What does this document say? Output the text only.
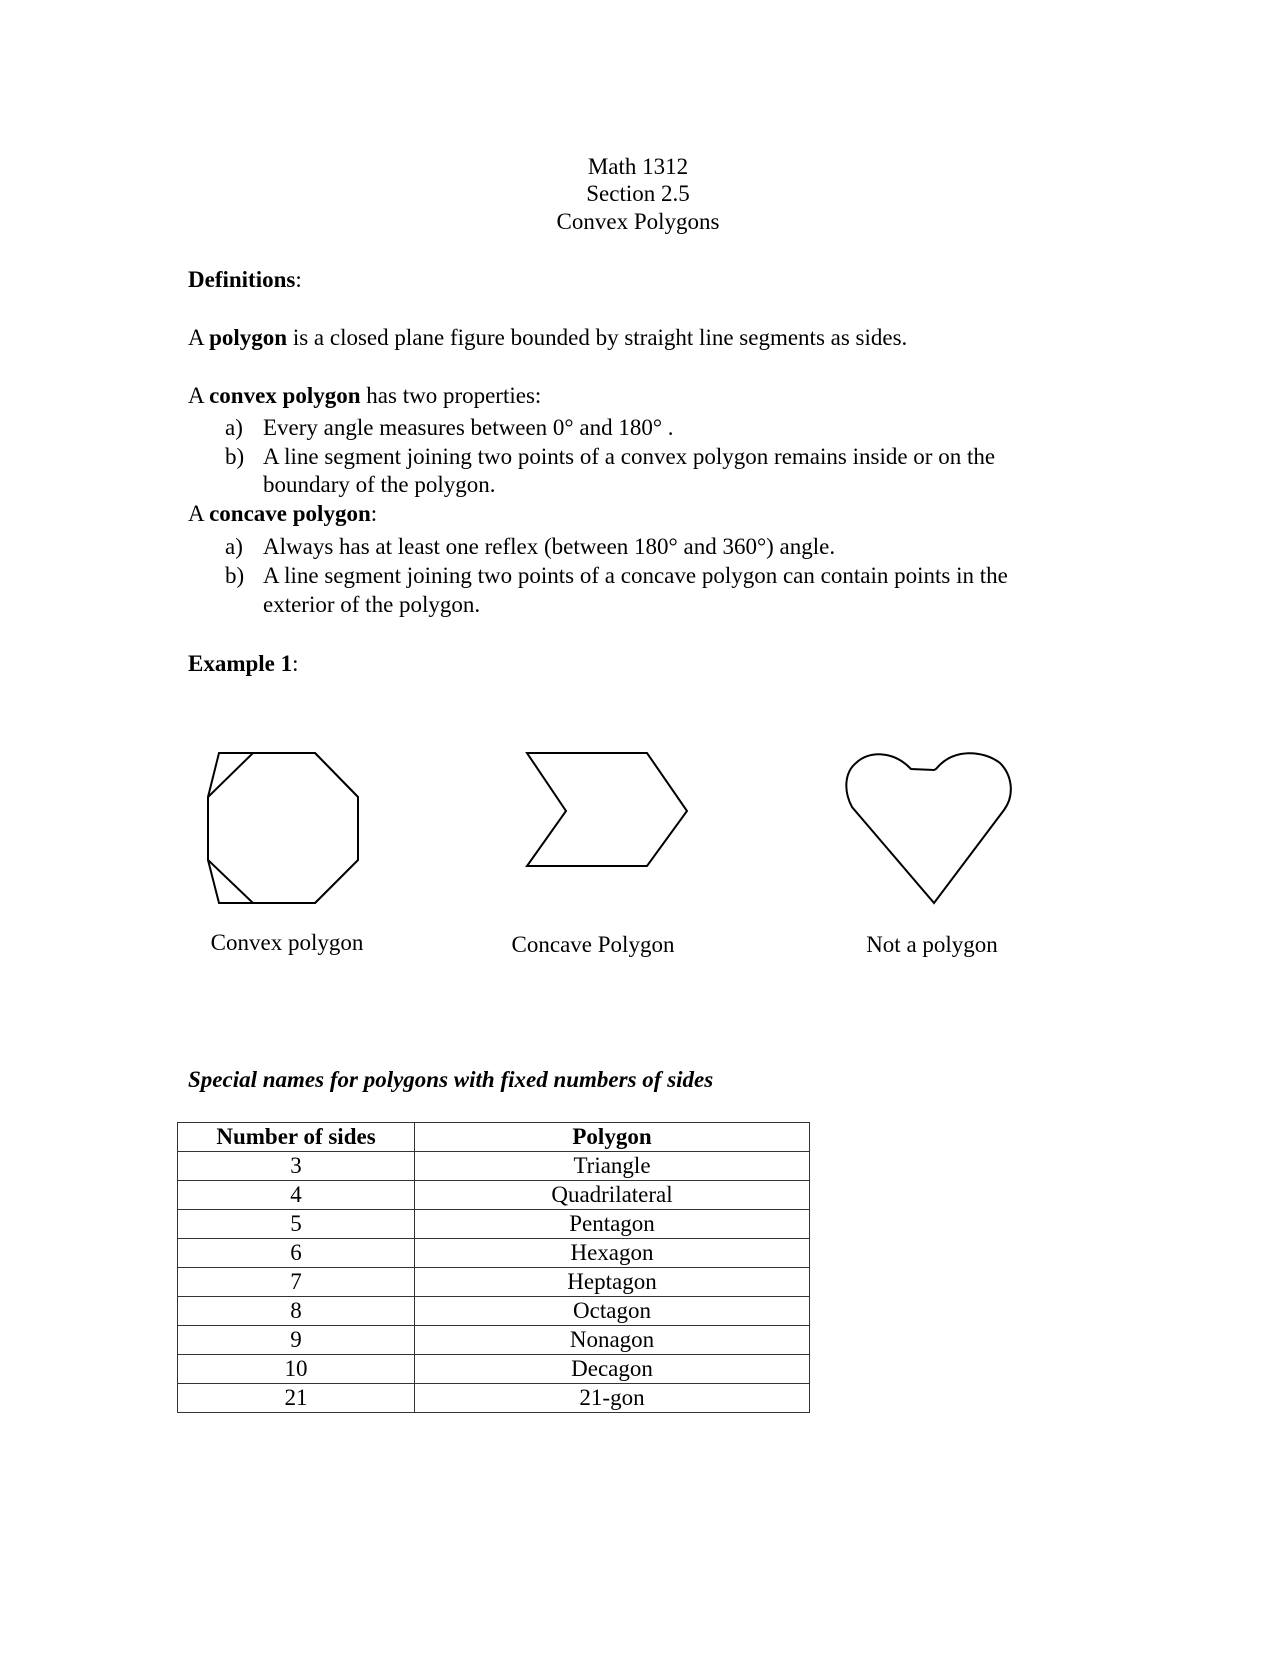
Math 1312
Section 2.5
Convex Polygons
Definitions:
A polygon is a closed plane figure bounded by straight line segments as sides.
A convex polygon has two properties:
a) Every angle measures between 0° and 180° .
b) A line segment joining two points of a convex polygon remains inside or on the
boundary of the polygon.
A concave polygon:
a) Always has at least one reflex (between 180° and 360°) angle.
b) A line segment joining two points of a concave polygon can contain points in the
exterior of the polygon.
Example 1:
Convex polygon	Concave Polygon	Not a polygon
Special names for polygons with fixed numbers of sides
Number of sides	Polygon
3	Triangle
4	Quadrilateral
5	Pentagon
6	Hexagon
7	Heptagon
8	Octagon
9	Nonagon
10	Decagon
21	21-gon
